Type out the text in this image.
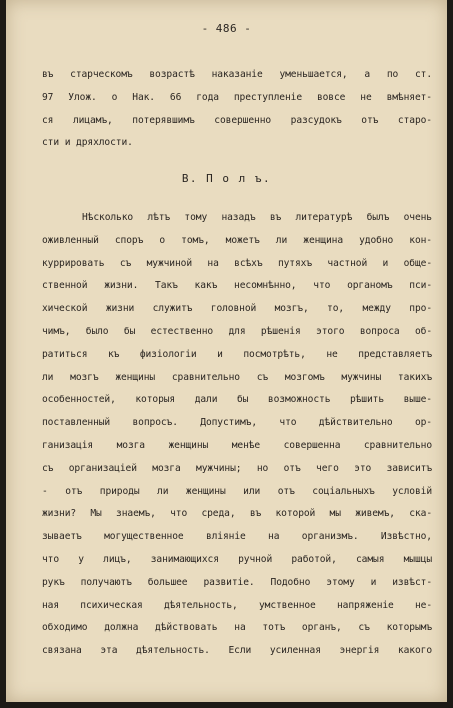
- 486 -
въ старческомъ возрастѣ наказаніе уменьшается, а по ст.
97 Улож. о Нак. 66 года преступленіе вовсе не вмѣняет-
ся лицамъ, потерявшимъ совершенно разсудокъ отъ старо-
сти и дряхлости.
В. П о л ъ.
Нѣсколько лѣтъ тому назадъ въ литературѣ былъ очень
оживленный споръ о томъ, можетъ ли женщина удобно кон-
куррировать съ мужчиной на всѣхъ путяхъ частной и обще-
ственной жизни. Такъ какъ несомнѣнно, что органомъ пси-
хической жизни служитъ головной мозгъ, то, между про-
чимъ, было бы естественно для рѣшенія этого вопроса об-
ратиться къ физіологіи и посмотрѣть, не представляетъ
ли мозгъ женщины сравнительно съ мозгомъ мужчины такихъ
особенностей, которыя дали бы возможность рѣшить выше-
поставленный вопросъ. Допустимъ, что дѣйствительно ор-
ганизація мозга женщины менѣе совершенна сравнительно
съ организаціей мозга мужчины; но отъ чего это зависитъ
- отъ природы ли женщины или отъ соціальныхъ условій
жизни? Мы знаемъ, что среда, въ которой мы живемъ, ска-
зываетъ могущественное вліяніе на организмъ. Извѣстно,
что у лицъ, занимающихся ручной работой, самыя мышцы
рукъ получаютъ большее развитіе. Подобно этому и извѣст-
ная психическая дѣятельность, умственное напряженіе не-
обходимо должна дѣйствовать на тотъ органъ, съ которымъ
связана эта дѣятельность. Если усиленная энергія какого
